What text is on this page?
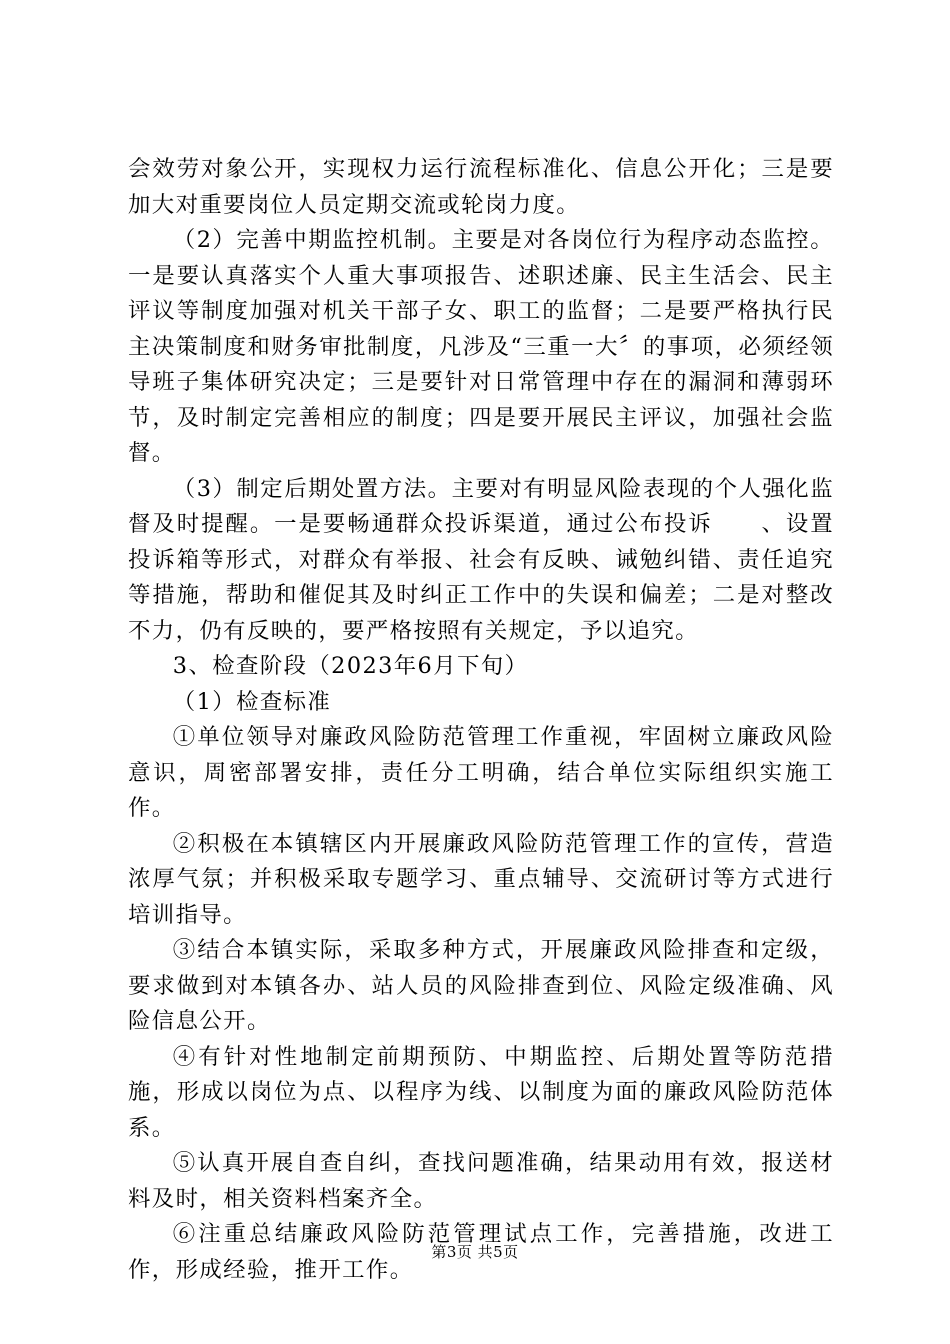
会效劳对象公开，实现权力运行流程标准化、信息公开化；三是要加大对重要岗位人员定期交流或轮岗力度。

（2）完善中期监控机制。主要是对各岗位行为程序动态监控。一是要认真落实个人重大事项报告、述职述廉、民主生活会、民主评议等制度加强对机关干部子女、职工的监督；二是要严格执行民主决策制度和财务审批制度，凡涉及“三重一大〞的事项，必须经领导班子集体研究决定；三是要针对日常管理中存在的漏洞和薄弱环节，及时制定完善相应的制度；四是要开展民主评议，加强社会监督。

（3）制定后期处置方法。主要对有明显风险表现的个人强化监督及时提醒。一是要畅通群众投诉渠道，通过公布投诉　　、设置投诉箱等形式，对群众有举报、社会有反映、诫勉纠错、责任追究等措施，帮助和催促其及时纠正工作中的失误和偏差；二是对整改不力，仍有反映的，要严格按照有关规定，予以追究。

3、检查阶段（2023年6月下旬）

（1）检查标准

①单位领导对廉政风险防范管理工作重视，牢固树立廉政风险意识，周密部署安排，责任分工明确，结合单位实际组织实施工作。

②积极在本镇辖区内开展廉政风险防范管理工作的宣传，营造浓厚气氛；并积极采取专题学习、重点辅导、交流研讨等方式进行培训指导。

③结合本镇实际，采取多种方式，开展廉政风险排查和定级，要求做到对本镇各办、站人员的风险排查到位、风险定级准确、风险信息公开。

④有针对性地制定前期预防、中期监控、后期处置等防范措施，形成以岗位为点、以程序为线、以制度为面的廉政风险防范体系。

⑤认真开展自查自纠，查找问题准确，结果动用有效，报送材料及时，相关资料档案齐全。

⑥注重总结廉政风险防范管理试点工作，完善措施，改进工作，形成经验，推开工作。

第3页 共5页
